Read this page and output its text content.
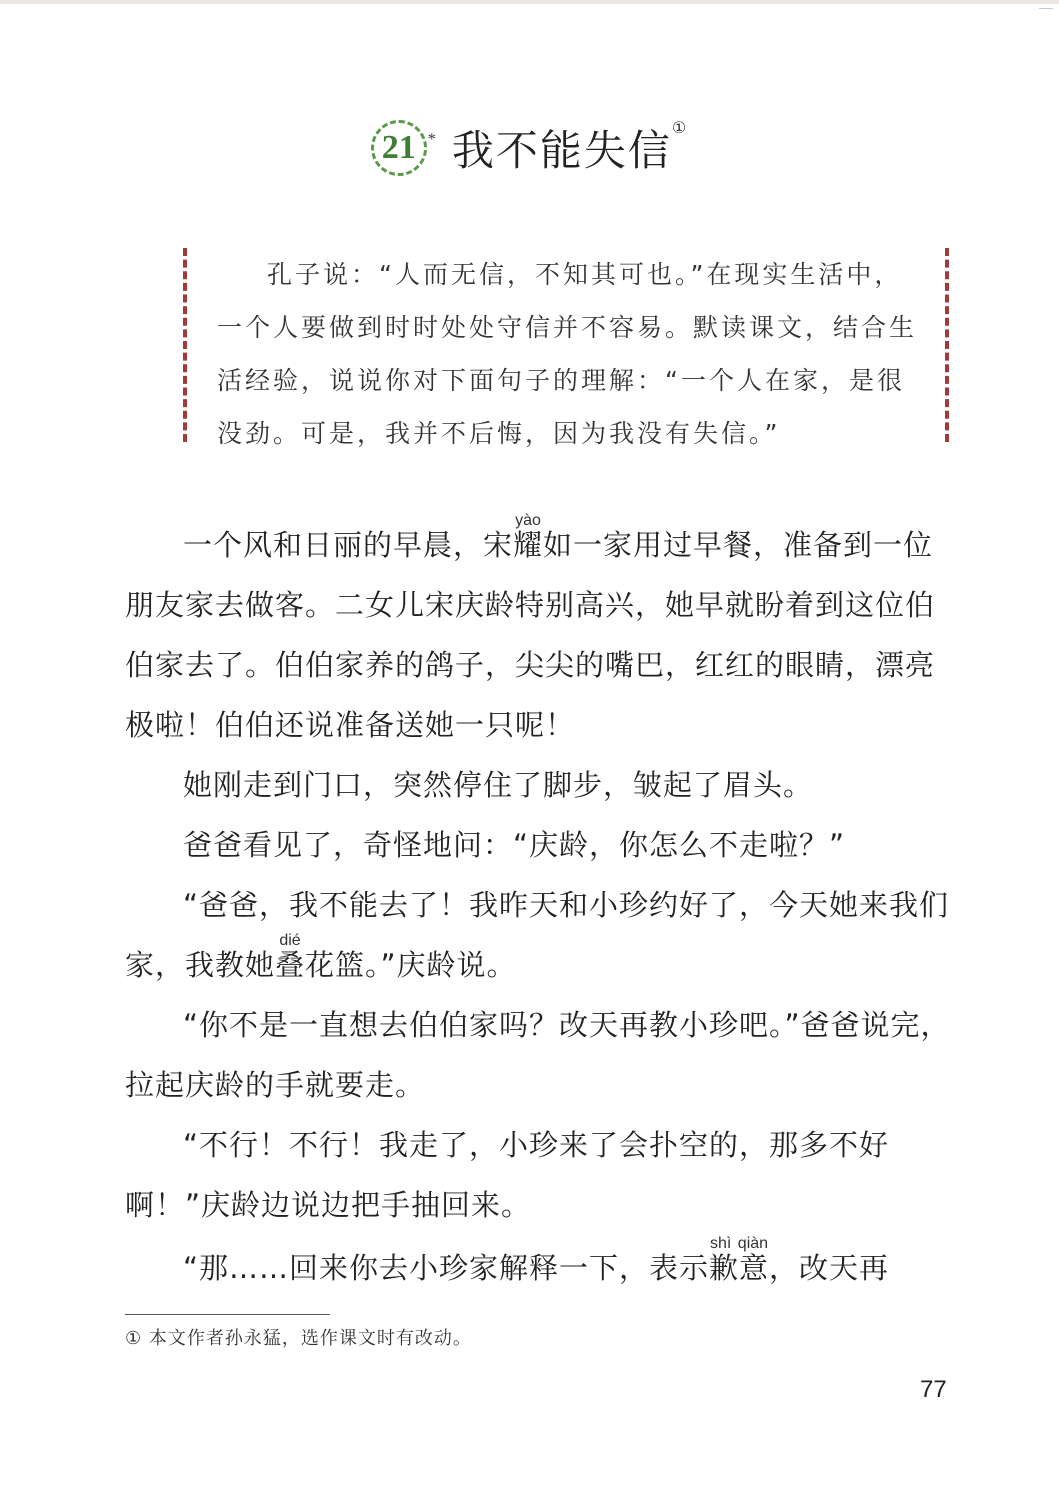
21 * 我不能失信①
孔子说：“人而无信，不知其可也。”在现实生活中，一个人要做到时时处处守信并不容易。默读课文，结合生活经验，说说你对下面句子的理解：“一个人在家，是很没劲。可是，我并不后悔，因为我没有失信。”

一个风和日丽的早晨，宋耀yào如一家用过早餐，准备到一位朋友家去做客。二女儿宋庆龄特别高兴，她早就盼着到这位伯伯家去了。伯伯家养的鸽子，尖尖的嘴巴，红红的眼睛，漂亮极啦！伯伯还说准备送她一只呢！

她刚走到门口，突然停住了脚步，皱起了眉头。

爸爸看见了，奇怪地问：“庆龄，你怎么不走啦？”

“爸爸，我不能去了！我昨天和小珍约好了，今天她来我们家，我教她叠dié花篮。”庆龄说。

“你不是一直想去伯伯家吗？改天再教小珍吧。”爸爸说完，拉起庆龄的手就要走。

“不行！不行！我走了，小珍来了会扑空的，那多不好啊！”庆龄边说边把手抽回来。

“那……回来你去小珍家解释一下，表示歉意shì qiàn，改天再

① 本文作者孙永猛，选作课文时有改动。
77
